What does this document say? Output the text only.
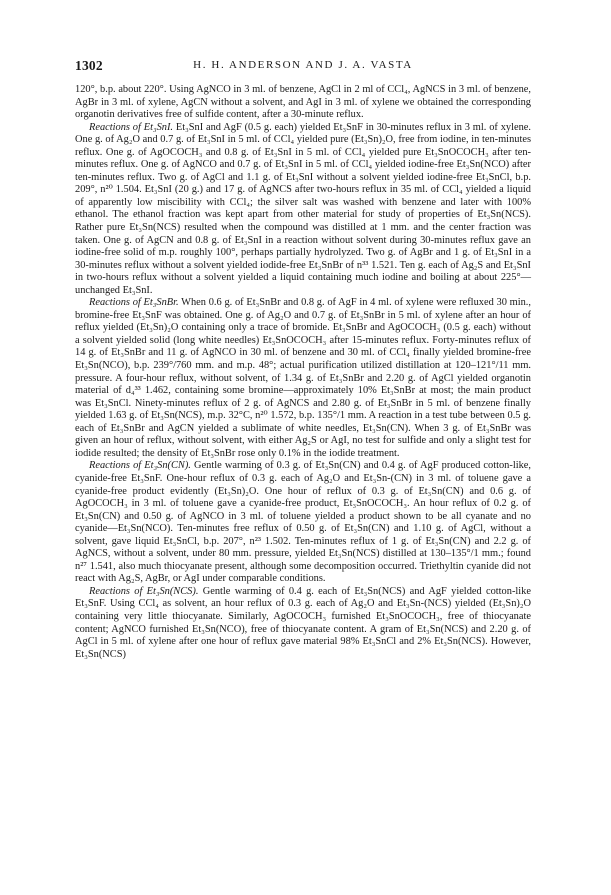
1302	H. H. ANDERSON AND J. A. VASTA

120°, b.p. about 220°. Using AgNCO in 3 ml. of benzene, AgCl in 2 ml of CCl₄, AgNCS in 3 ml. of benzene, AgBr in 3 ml. of xylene, AgCN without a solvent, and AgI in 3 ml. of xylene we obtained the corresponding organotin derivatives free of sulfide content, after a 30-minute reflux.

Reactions of Et₃SnI. Et₃SnI and AgF (0.5 g. each) yielded Et₃SnF in 30-minutes reflux in 3 ml. of xylene. One g. of Ag₂O and 0.7 g. of Et₃SnI in 5 ml. of CCl₄ yielded pure (Et₃Sn)₂O, free from iodine, in ten-minutes reflux. One g. of AgOCOCH₃ and 0.8 g. of Et₃SnI in 5 ml. of CCl₄ yielded pure Et₃SnOCOCH₃ after ten-minutes reflux. One g. of AgNCO and 0.7 g. of Et₃SnI in 5 ml. of CCl₄ yielded iodine-free Et₃Sn(NCO) after ten-minutes reflux. Two g. of AgCl and 1.1 g. of Et₃SnI without a solvent yielded iodine-free Et₃SnCl, b.p. 209°, n²⁰ 1.504. Et₃SnI (20 g.) and 17 g. of AgNCS after two-hours reflux in 35 ml. of CCl₄ yielded a liquid of apparently low miscibility with CCl₄; the silver salt was washed with benzene and later with 100% ethanol. The ethanol fraction was kept apart from other material for study of properties of Et₃Sn(NCS). Rather pure Et₃Sn(NCS) resulted when the compound was distilled at 1 mm. and the center fraction was taken. One g. of AgCN and 0.8 g. of Et₃SnI in a reaction without solvent during 30-minutes reflux gave an iodine-free solid of m.p. roughly 100°, perhaps partially hydrolyzed. Two g. of AgBr and 1 g. of Et₃SnI in a 30-minutes reflux without a solvent yielded iodide-free Et₃SnBr of n³³ 1.521. Ten g. each of Ag₂S and Et₃SnI in two-hours reflux without a solvent yielded a liquid containing much iodine and boiling at about 225°—unchanged Et₃SnI.

Reactions of Et₃SnBr. When 0.6 g. of Et₃SnBr and 0.8 g. of AgF in 4 ml. of xylene were refluxed 30 min., bromine-free Et₃SnF was obtained. One g. of Ag₂O and 0.7 g. of Et₃SnBr in 5 ml. of xylene after an hour of reflux yielded (Et₃Sn)₂O containing only a trace of bromide. Et₃SnBr and AgOCOCH₃ (0.5 g. each) without a solvent yielded solid (long white needles) Et₃SnOCOCH₃ after 15-minutes reflux. Forty-minutes reflux of 14 g. of Et₃SnBr and 11 g. of AgNCO in 30 ml. of benzene and 30 ml. of CCl₄ finally yielded bromine-free Et₃Sn(NCO), b.p. 239°/760 mm. and m.p. 48°; actual purification utilized distillation at 120–121°/11 mm. pressure. A four-hour reflux, without solvent, of 1.34 g. of Et₃SnBr and 2.20 g. of AgCl yielded organotin material of d₄³³ 1.462, containing some bromine—approximately 10% Et₃SnBr at most; the main product was Et₃SnCl. Ninety-minutes reflux of 2 g. of AgNCS and 2.80 g. of Et₃SnBr in 5 ml. of benzene finally yielded 1.63 g. of Et₃Sn(NCS), m.p. 32°C, n²⁰ 1.572, b.p. 135°/1 mm. A reaction in a test tube between 0.5 g. each of Et₃SnBr and AgCN yielded a sublimate of white needles, Et₃Sn(CN). When 3 g. of Et₃SnBr was given an hour of reflux, without solvent, with either Ag₂S or AgI, no test for sulfide and only a slight test for iodide resulted; the density of Et₃SnBr rose only 0.1% in the iodide treatment.

Reactions of Et₃Sn(CN). Gentle warming of 0.3 g. of Et₃Sn(CN) and 0.4 g. of AgF produced cotton-like, cyanide-free Et₃SnF. One-hour reflux of 0.3 g. each of Ag₂O and Et₃Sn-(CN) in 3 ml. of toluene gave a cyanide-free product evidently (Et₃Sn)₂O. One hour of reflux of 0.3 g. of Et₃Sn(CN) and 0.6 g. of AgOCOCH₃ in 3 ml. of toluene gave a cyanide-free product, Et₃SnOCOCH₃. An hour reflux of 0.2 g. of Et₃Sn(CN) and 0.50 g. of AgNCO in 3 ml. of toluene yielded a product shown to be all cyanate and no cyanide—Et₃Sn(NCO). Ten-minutes free reflux of 0.50 g. of Et₃Sn(CN) and 1.10 g. of AgCl, without a solvent, gave liquid Et₃SnCl, b.p. 207°, n²³ 1.502. Ten-minutes reflux of 1 g. of Et₃Sn(CN) and 2.2 g. of AgNCS, without a solvent, under 80 mm. pressure, yielded Et₃Sn(NCS) distilled at 130–135°/1 mm.; found n²⁷ 1.541, also much thiocyanate present, although some decomposition occurred. Triethyltin cyanide did not react with Ag₂S, AgBr, or AgI under comparable conditions.

Reactions of Et₃Sn(NCS). Gentle warming of 0.4 g. each of Et₃Sn(NCS) and AgF yielded cotton-like Et₃SnF. Using CCl₄ as solvent, an hour reflux of 0.3 g. each of Ag₂O and Et₃Sn-(NCS) yielded (Et₃Sn)₂O containing very little thiocyanate. Similarly, AgOCOCH₃ furnished Et₃SnOCOCH₃, free of thiocyanate content; AgNCO furnished Et₃Sn(NCO), free of thiocyanate content. A gram of Et₃Sn(NCS) and 2.20 g. of AgCl in 5 ml. of xylene after one hour of reflux gave material 98% Et₃SnCl and 2% Et₃Sn(NCS). However, Et₃Sn(NCS)
